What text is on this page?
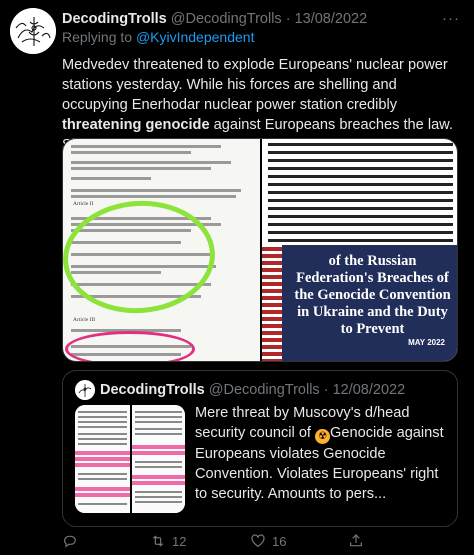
DecodingTrolls @DecodingTrolls · 13/08/2022	···
Replying to @KyivIndependent
Medvedev threatened to explode Europeans' nuclear power stations yesterday. While his forces are shelling and occupying Enerhodar nuclear power station credibly threatening genocide against Europeans breaches the law.
Article II
Article III
of the Russian Federation's Breaches of the Genocide Convention in Ukraine and the Duty to Prevent
MAY 2022
DecodingTrolls @DecodingTrolls · 12/08/2022
Mere threat by Muscovy's d/head security council of ☢ Genocide against Europeans violates Genocide Convention. Violates Europeans' right to security. Amounts to pers...
12	16
